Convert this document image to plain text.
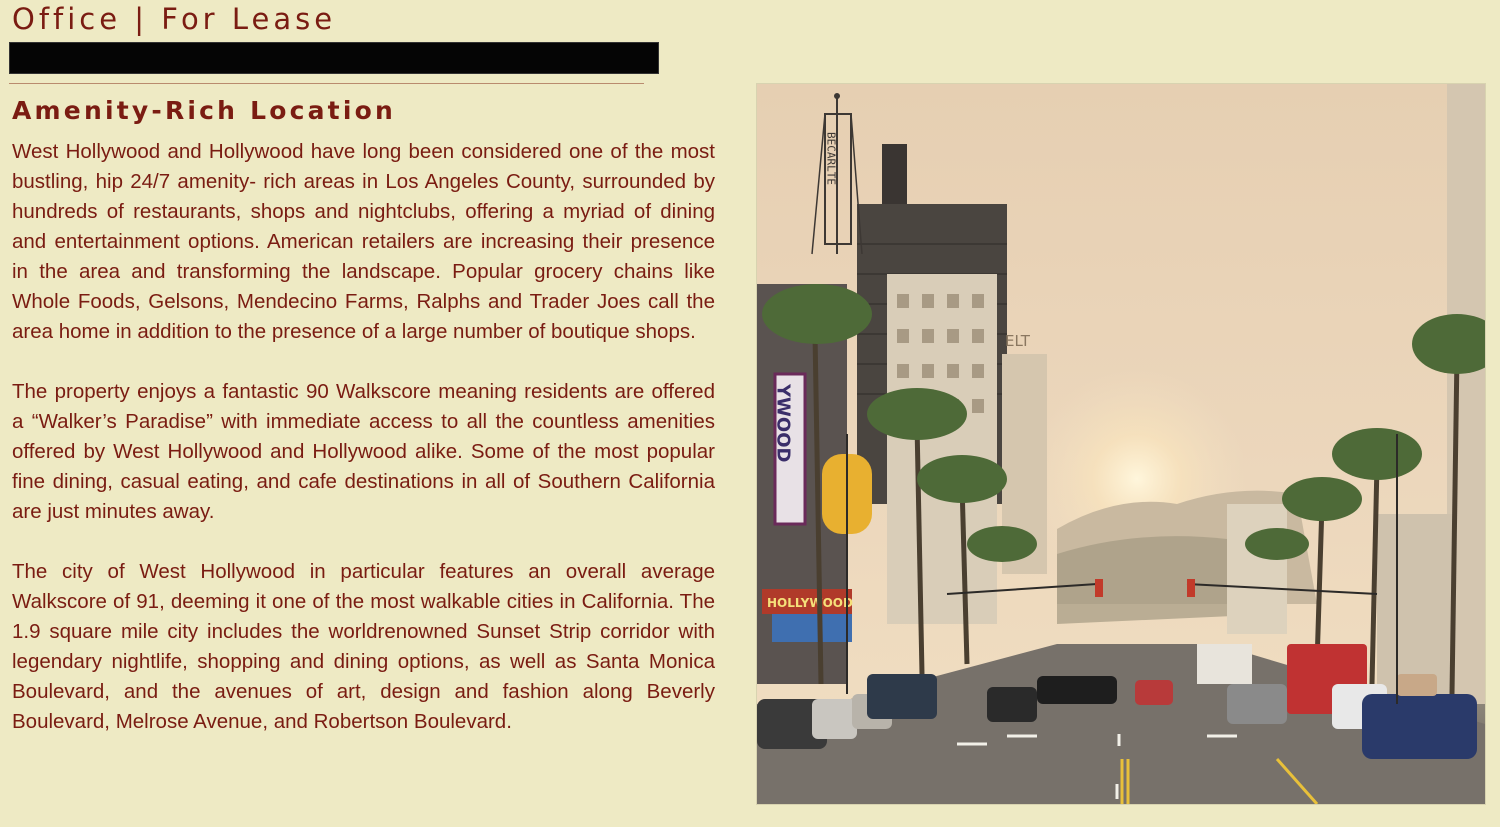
Office | For Lease
Amenity-Rich Location

West Hollywood and Hollywood have long been considered one of the most bustling, hip 24/7 amenity- rich areas in Los Angeles County, surrounded by hundreds of restaurants, shops and nightclubs, offering a myriad of dining and entertainment options. American retailers are increasing their presence in the area and transforming the landscape. Popular grocery chains like Whole Foods, Gelsons, Mendecino Farms, Ralphs and Trader Joes call the area home in addition to the presence of a large number of boutique shops.

The property enjoys a fantastic 90 Walkscore meaning residents are offered a “Walker’s Paradise” with immediate access to all the countless amenities offered by West Hollywood and Hollywood alike. Some of the most popular fine dining, casual eating, and cafe destinations in all of Southern California are just minutes away.

The city of West Hollywood in particular features an overall average Walkscore of 91, deeming it one of the most walkable cities in California. The 1.9 square mile city includes the worldrenowned Sunset Strip corridor with legendary nightlife, shopping and dining options, as well as Santa Monica Boulevard, and the avenues of art, design and fashion along Beverly Boulevard, Melrose Avenue, and Robertson Boulevard.

ELT
BECARLTE
YWOOD
HOLLYWOOD
